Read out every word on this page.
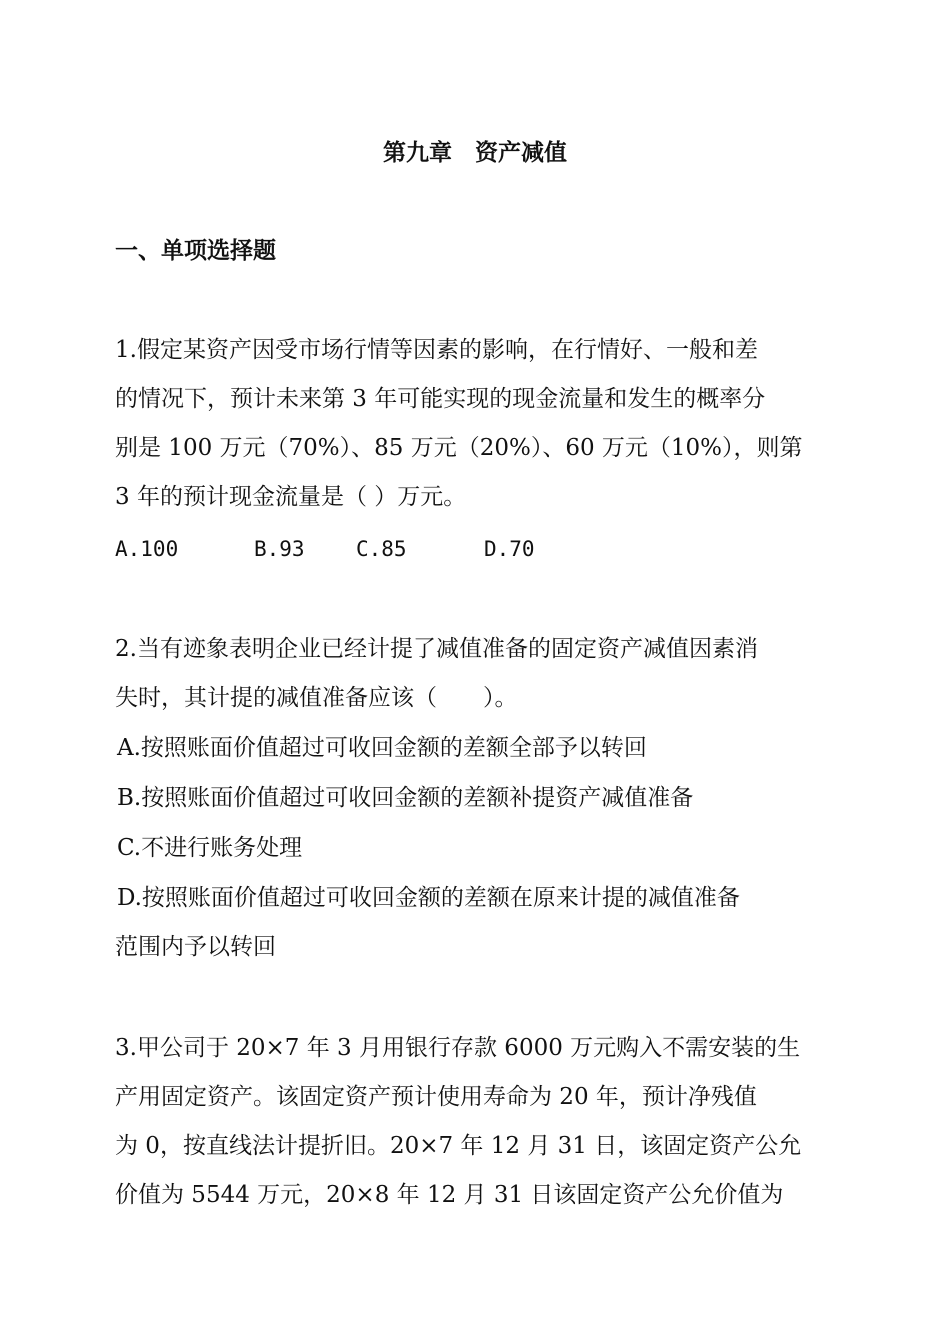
第九章　资产减值
一、单项选择题
1.假定某资产因受市场行情等因素的影响，在行情好、一般和差
的情况下，预计未来第 3 年可能实现的现金流量和发生的概率分
别是 100 万元（70%）、85 万元（20%）、60 万元（10%），则第
3 年的预计现金流量是（ ）万元。
A.100	B.93 C.85	D.70
2.当有迹象表明企业已经计提了减值准备的固定资产减值因素消
失时，其计提的减值准备应该（　　）。
A.按照账面价值超过可收回金额的差额全部予以转回
B.按照账面价值超过可收回金额的差额补提资产减值准备
C.不进行账务处理
D.按照账面价值超过可收回金额的差额在原来计提的减值准备
范围内予以转回
3.甲公司于 20×7 年 3 月用银行存款 6000 万元购入不需安装的生
产用固定资产。该固定资产预计使用寿命为 20 年，预计净残值
为 0，按直线法计提折旧。20×7 年 12 月 31 日，该固定资产公允
价值为 5544 万元，20×8 年 12 月 31 日该固定资产公允价值为
